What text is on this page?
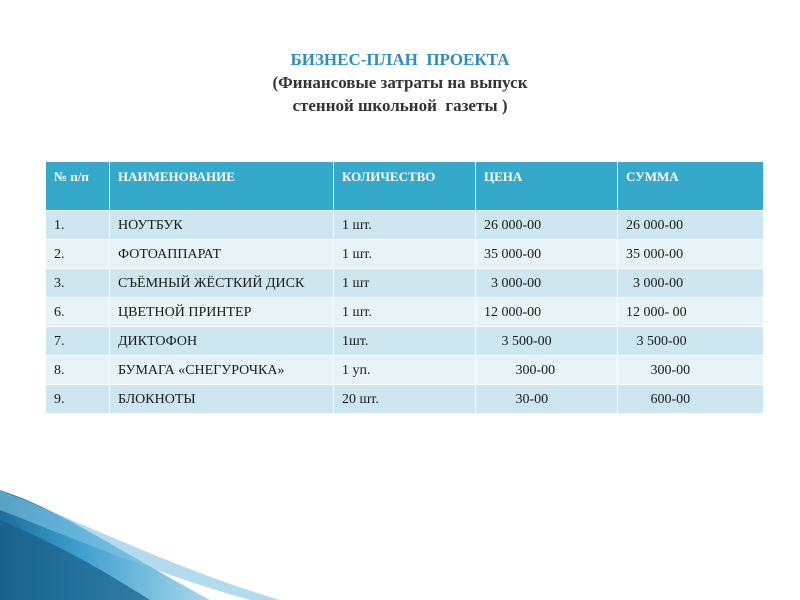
БИЗНЕС-ПЛАН  ПРОЕКТА
(Финансовые затраты на выпуск
стенной школьной  газеты )
№ п/п	НАИМЕНОВАНИЕ	КОЛИЧЕСТВО	ЦЕНА	СУММА
1.	НОУТБУК	1 шт.	26 000-00	26 000-00
2.	ФОТОАППАРАТ	1 шт.	35 000-00	35 000-00
3.	СЪЁМНЫЙ ЖЁСТКИЙ ДИСК	1 шт	3 000-00	3 000-00
6.	ЦВЕТНОЙ ПРИНТЕР	1 шт.	12 000-00	12 000- 00
7.	ДИКТОФОН	1шт.	3 500-00	3 500-00
8.	БУМАГА «СНЕГУРОЧКА»	1 уп.	300-00	300-00
9.	БЛОКНОТЫ	20 шт.	30-00	600-00
